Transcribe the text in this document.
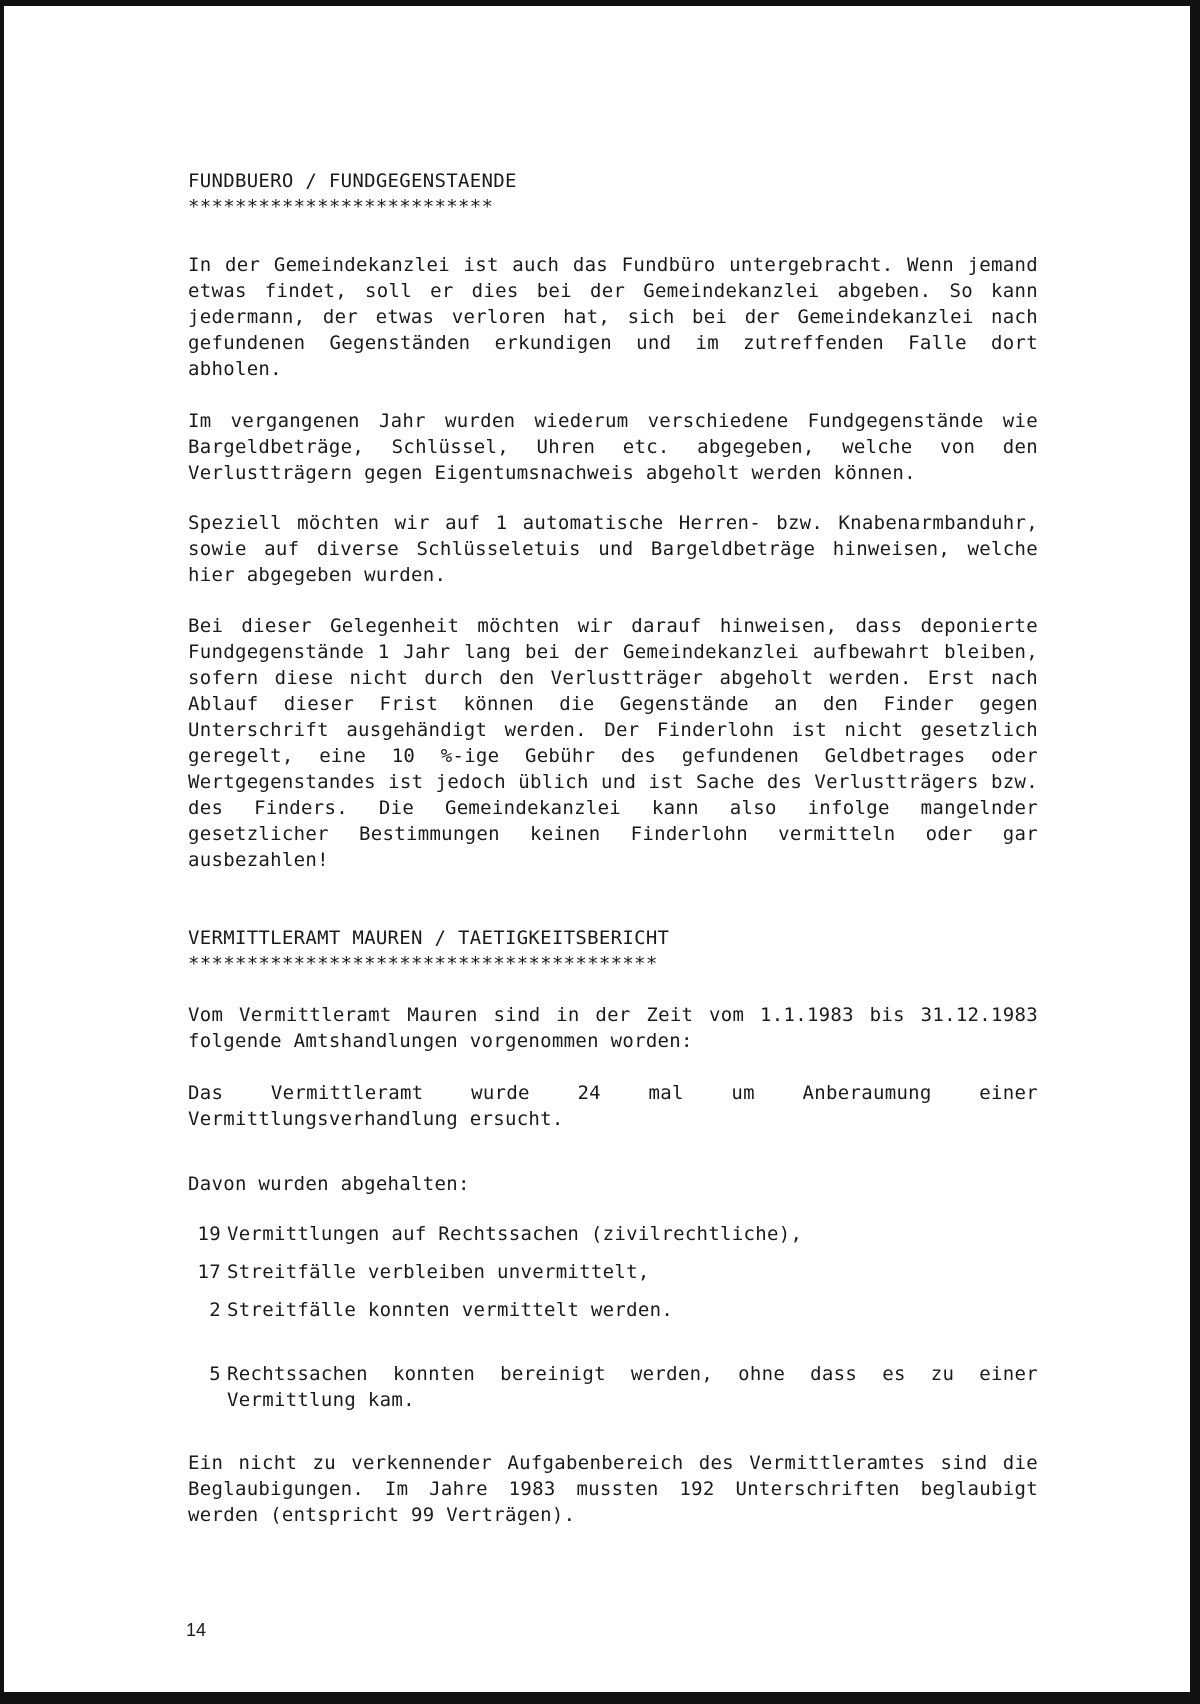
FUNDBUERO / FUNDGEGENSTAENDE
**************************

In der Gemeindekanzlei ist auch das Fundbüro untergebracht. Wenn jemand etwas findet, soll er dies bei der Gemeindekanzlei abgeben. So kann jedermann, der etwas verloren hat, sich bei der Gemeindekanzlei nach gefundenen Gegenständen erkundigen und im zutreffenden Falle dort abholen.

Im vergangenen Jahr wurden wiederum verschiedene Fundgegenstände wie Bargeldbeträge, Schlüssel, Uhren etc. abgegeben, welche von den Verlustträgern gegen Eigentumsnachweis abgeholt werden können.

Speziell möchten wir auf 1 automatische Herren- bzw. Knabenarmbanduhr, sowie auf diverse Schlüsseletuis und Bargeldbeträge hinweisen, welche hier abgegeben wurden.

Bei dieser Gelegenheit möchten wir darauf hinweisen, dass deponierte Fundgegenstände 1 Jahr lang bei der Gemeindekanzlei aufbewahrt bleiben, sofern diese nicht durch den Verlustträger abgeholt werden. Erst nach Ablauf dieser Frist können die Gegenstände an den Finder gegen Unterschrift ausgehändigt werden. Der Finderlohn ist nicht gesetzlich geregelt, eine 10 %-ige Gebühr des gefundenen Geldbetrages oder Wertgegenstandes ist jedoch üblich und ist Sache des Verlustträgers bzw. des Finders. Die Gemeindekanzlei kann also infolge mangelnder gesetzlicher Bestimmungen keinen Finderlohn vermitteln oder gar ausbezahlen!

VERMITTLERAMT MAUREN / TAETIGKEITSBERICHT
****************************************

Vom Vermittleramt Mauren sind in der Zeit vom 1.1.1983 bis 31.12.1983 folgende Amtshandlungen vorgenommen worden:

Das Vermittleramt wurde 24 mal um Anberaumung einer Vermittlungsverhandlung ersucht.

Davon wurden abgehalten:

19 Vermittlungen auf Rechtssachen (zivilrechtliche),
17 Streitfälle verbleiben unvermittelt,
2 Streitfälle konnten vermittelt werden.
5 Rechtssachen konnten bereinigt werden, ohne dass es zu einer Vermittlung kam.

Ein nicht zu verkennender Aufgabenbereich des Vermittleramtes sind die Beglaubigungen. Im Jahre 1983 mussten 192 Unterschriften beglaubigt werden (entspricht 99 Verträgen).

14
